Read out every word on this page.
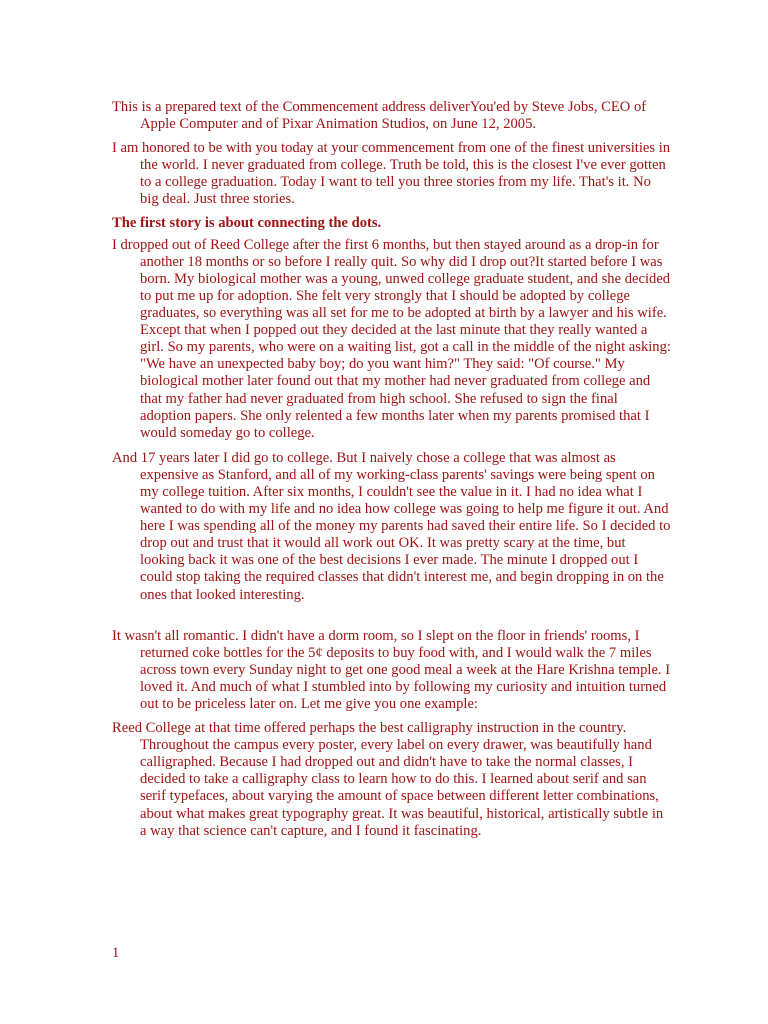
This is a prepared text of the Commencement address deliverYou'ed by Steve Jobs, CEO of Apple Computer and of Pixar Animation Studios, on June 12, 2005.

I am honored to be with you today at your commencement from one of the finest universities in the world. I never graduated from college. Truth be told, this is the closest I've ever gotten to a college graduation. Today I want to tell you three stories from my life. That's it. No big deal. Just three stories.

The first story is about connecting the dots.

I dropped out of Reed College after the first 6 months, but then stayed around as a drop-in for another 18 months or so before I really quit. So why did I drop out?It started before I was born. My biological mother was a young, unwed college graduate student, and she decided to put me up for adoption. She felt very strongly that I should be adopted by college graduates, so everything was all set for me to be adopted at birth by a lawyer and his wife. Except that when I popped out they decided at the last minute that they really wanted a girl. So my parents, who were on a waiting list, got a call in the middle of the night asking: "We have an unexpected baby boy; do you want him?" They said: "Of course." My biological mother later found out that my mother had never graduated from college and that my father had never graduated from high school. She refused to sign the final adoption papers. She only relented a few months later when my parents promised that I would someday go to college.

And 17 years later I did go to college. But I naively chose a college that was almost as expensive as Stanford, and all of my working-class parents' savings were being spent on my college tuition. After six months, I couldn't see the value in it. I had no idea what I wanted to do with my life and no idea how college was going to help me figure it out. And here I was spending all of the money my parents had saved their entire life. So I decided to drop out and trust that it would all work out OK. It was pretty scary at the time, but looking back it was one of the best decisions I ever made. The minute I dropped out I could stop taking the required classes that didn't interest me, and begin dropping in on the ones that looked interesting.

It wasn't all romantic. I didn't have a dorm room, so I slept on the floor in friends' rooms, I returned coke bottles for the 5¢ deposits to buy food with, and I would walk the 7 miles across town every Sunday night to get one good meal a week at the Hare Krishna temple. I loved it. And much of what I stumbled into by following my curiosity and intuition turned out to be priceless later on. Let me give you one example:

Reed College at that time offered perhaps the best calligraphy instruction in the country. Throughout the campus every poster, every label on every drawer, was beautifully hand calligraphed. Because I had dropped out and didn't have to take the normal classes, I decided to take a calligraphy class to learn how to do this. I learned about serif and san serif typefaces, about varying the amount of space between different letter combinations, about what makes great typography great. It was beautiful, historical, artistically subtle in a way that science can't capture, and I found it fascinating.

1
